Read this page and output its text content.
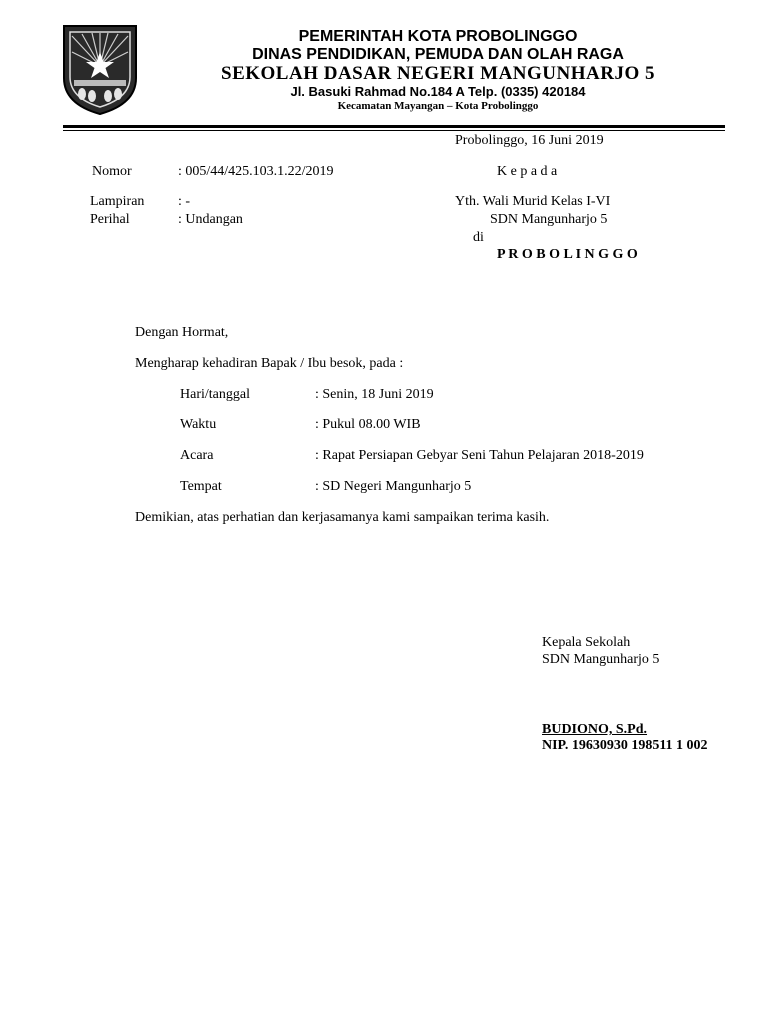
PEMERINTAH KOTA PROBOLINGGO
DINAS PENDIDIKAN, PEMUDA DAN OLAH RAGA
SEKOLAH DASAR NEGERI MANGUNHARJO 5
Jl. Basuki Rahmad No.184 A Telp. (0335) 420184
Kecamatan Mayangan – Kota Probolinggo
Probolinggo, 16 Juni 2019
Nomor	: 005/44/425.103.1.22/2019
Lampiran : -
Perihal	: Undangan
K e p a d a
Yth. Wali Murid Kelas I-VI
SDN Mangunharjo 5
di
P R O B O L I N G G O
Dengan Hormat,
Mengharap kehadiran Bapak / Ibu besok, pada :
Hari/tanggal	: Senin, 18 Juni 2019
Waktu	: Pukul 08.00 WIB
Acara	: Rapat Persiapan Gebyar Seni Tahun Pelajaran 2018-2019
Tempat	: SD Negeri Mangunharjo 5
Demikian, atas perhatian dan kerjasamanya kami sampaikan terima kasih.
Kepala Sekolah
SDN Mangunharjo 5
BUDIONO, S.Pd.
NIP. 19630930 198511 1 002
